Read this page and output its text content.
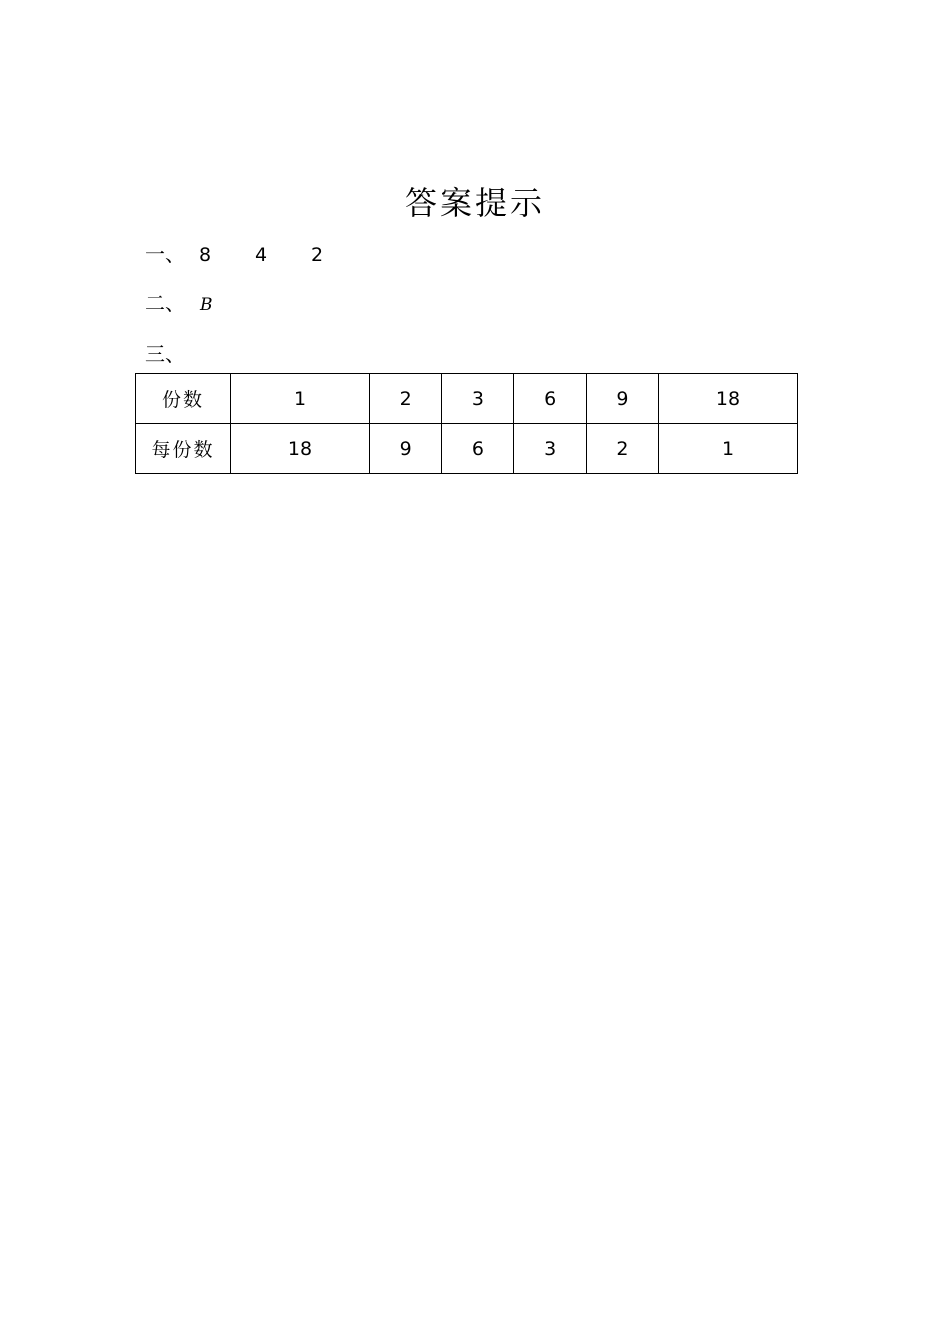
答案提示
一、 8	4	2
二、 B
三、
份数	1	2	3	6	9	18
每份数	18	9	6	3	2	1
